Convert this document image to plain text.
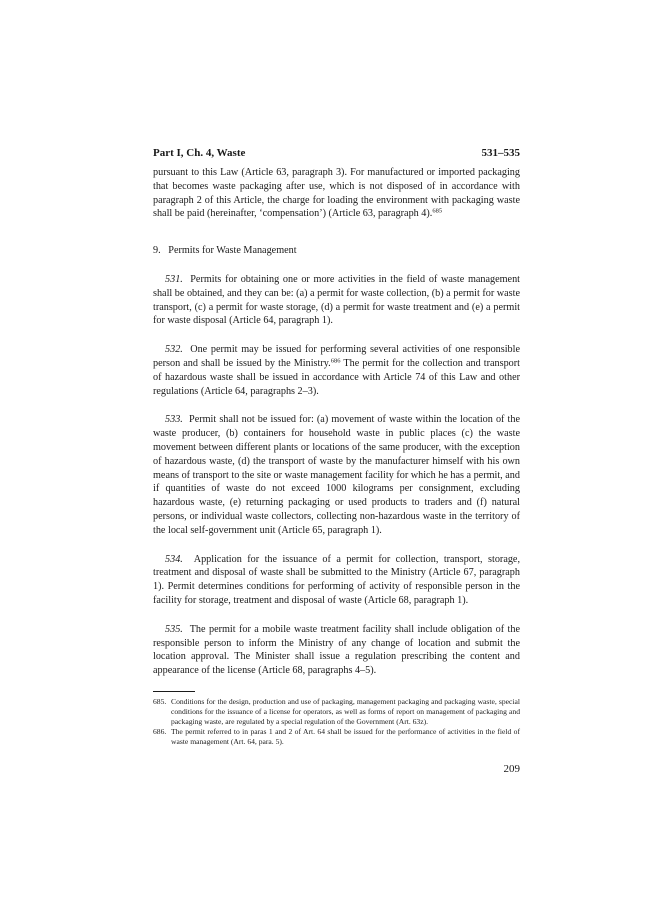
Part I, Ch. 4, Waste	531–535

pursuant to this Law (Article 63, paragraph 3). For manufactured or imported packaging that becomes waste packaging after use, which is not disposed of in accordance with paragraph 2 of this Article, the charge for loading the environment with packaging waste shall be paid (hereinafter, ‘compensation’) (Article 63, paragraph 4).$^{685}$

9. Permits for Waste Management

531. Permits for obtaining one or more activities in the field of waste management shall be obtained, and they can be: (a) a permit for waste collection, (b) a permit for waste transport, (c) a permit for waste storage, (d) a permit for waste treatment and (e) a permit for waste disposal (Article 64, paragraph 1).

532. One permit may be issued for performing several activities of one responsible person and shall be issued by the Ministry.$^{686}$ The permit for the collection and transport of hazardous waste shall be issued in accordance with Article 74 of this Law and other regulations (Article 64, paragraphs 2–3).

533. Permit shall not be issued for: (a) movement of waste within the location of the waste producer, (b) containers for household waste in public places (c) the waste movement between different plants or locations of the same producer, with the exception of hazardous waste, (d) the transport of waste by the manufacturer himself with his own means of transport to the site or waste management facility for which he has a permit, and if quantities of waste do not exceed 1000 kilograms per consignment, excluding hazardous waste, (e) returning packaging or used products to traders and (f) natural persons, or individual waste collectors, collecting non-hazardous waste in the territory of the local self-government unit (Article 65, paragraph 1).

534. Application for the issuance of a permit for collection, transport, storage, treatment and disposal of waste shall be submitted to the Ministry (Article 67, paragraph 1). Permit determines conditions for performing of activity of responsible person in the facility for storage, treatment and disposal of waste (Article 68, paragraph 1).

535. The permit for a mobile waste treatment facility shall include obligation of the responsible person to inform the Ministry of any change of location and submit the location approval. The Minister shall issue a regulation prescribing the content and appearance of the license (Article 68, paragraphs 4–5).

685. Conditions for the design, production and use of packaging, management packaging and packaging waste, special conditions for the issuance of a license for operators, as well as forms of report on management of packaging and packaging waste, are regulated by a special regulation of the Government (Art. 63z).
686. The permit referred to in paras 1 and 2 of Art. 64 shall be issued for the performance of activities in the field of waste management (Art. 64, para. 5).
209
